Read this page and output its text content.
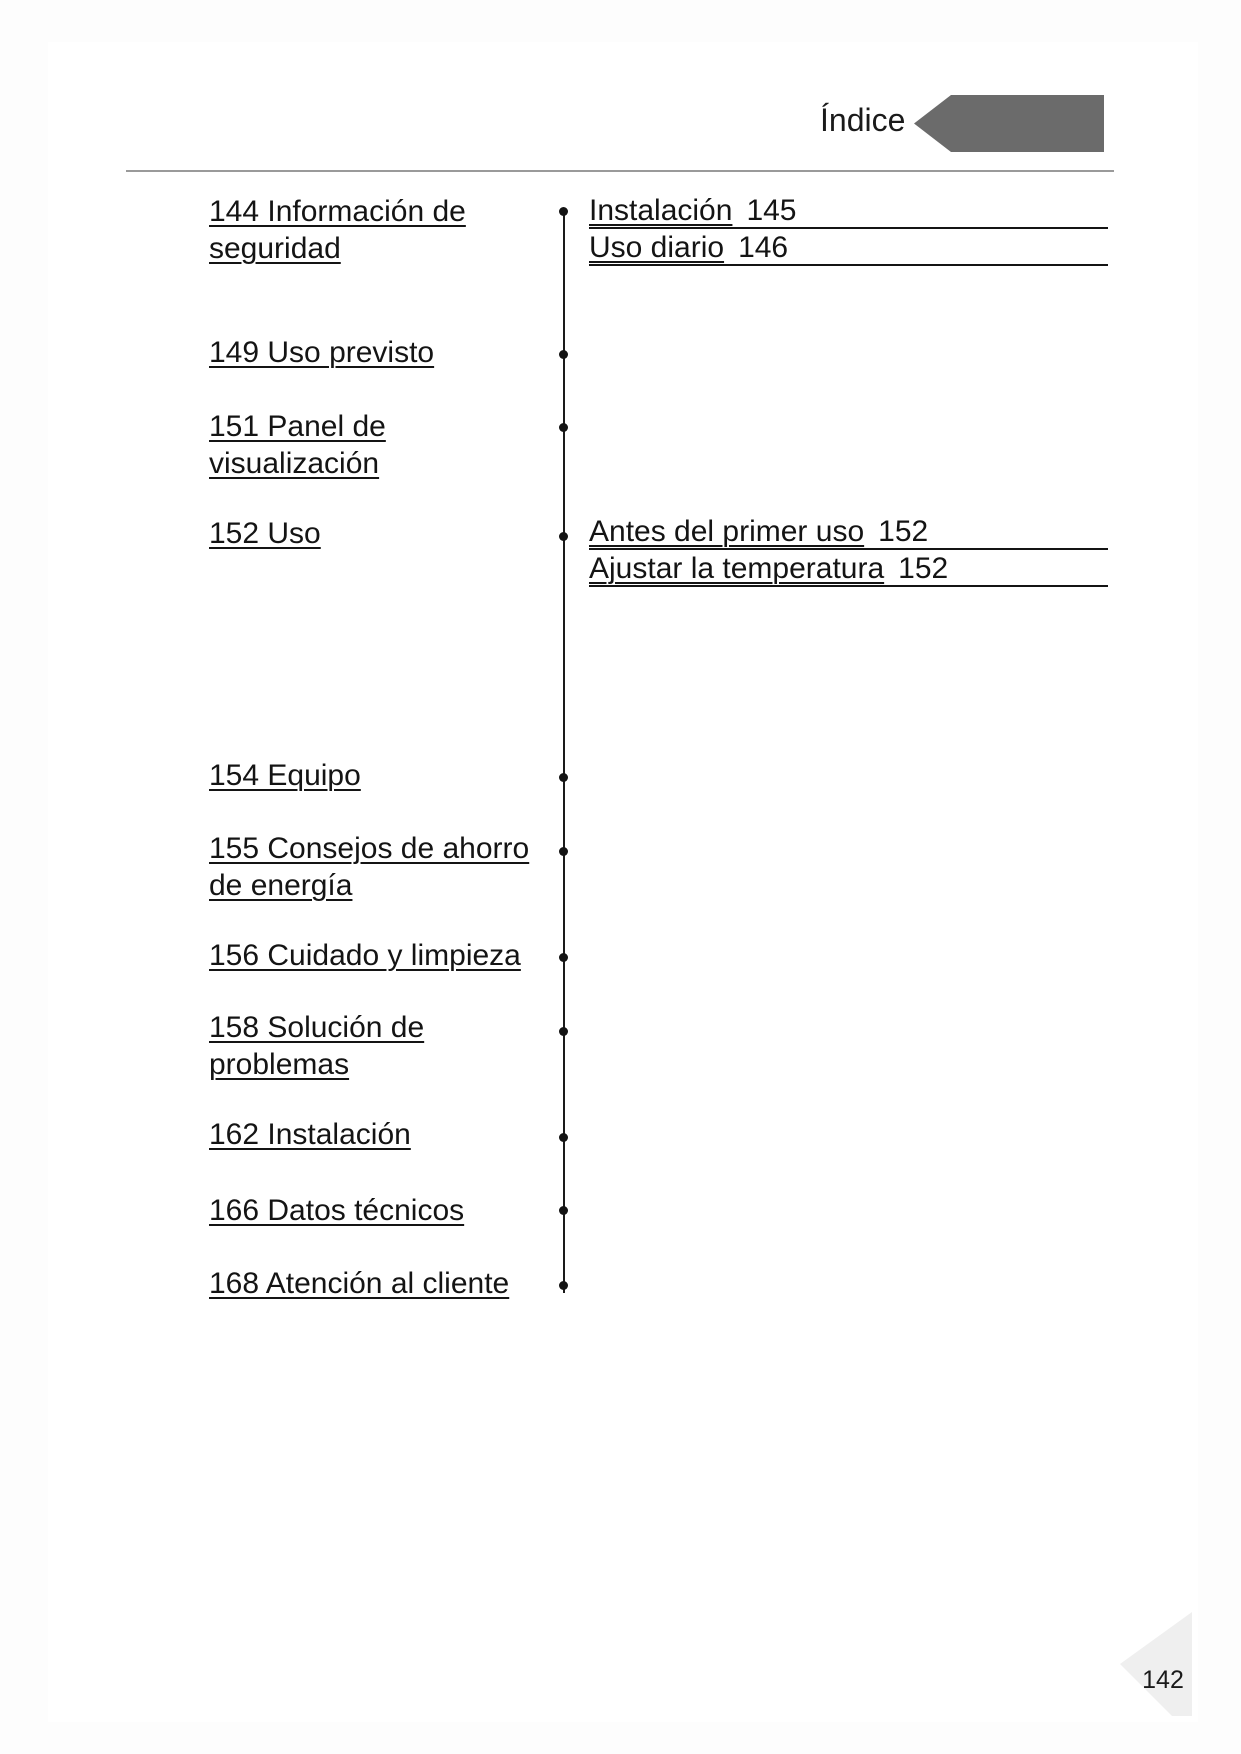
Índice
144 Información de seguridad
149 Uso previsto
151 Panel de visualización
152 Uso
154 Equipo
155 Consejos de ahorro de energía
156 Cuidado y limpieza
158 Solución de problemas
162 Instalación
166 Datos técnicos
168 Atención al cliente
Instalación 145
Uso diario 146
Antes del primer uso 152
Ajustar la temperatura 152
142
